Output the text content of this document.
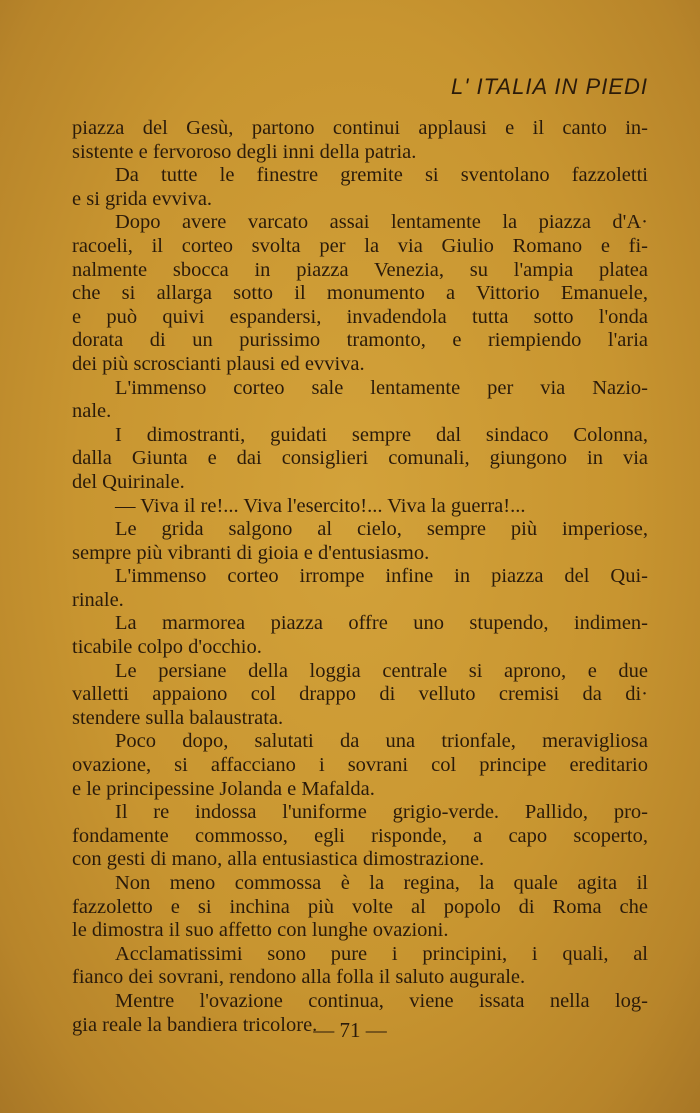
L' ITALIA IN PIEDI
piazza del Gesù, partono continui applausi e il canto in-
sistente e fervoroso degli inni della patria.
Da tutte le finestre gremite si sventolano fazzoletti
e si grida evviva.
Dopo avere varcato assai lentamente la piazza d'A·
racoeli, il corteo svolta per la via Giulio Romano e fi-
nalmente sbocca in piazza Venezia, su l'ampia platea
che si allarga sotto il monumento a Vittorio Emanuele,
e può quivi espandersi, invadendola tutta sotto l'onda
dorata di un purissimo tramonto, e riempiendo l'aria
dei più scroscianti plausi ed evviva.
L'immenso corteo sale lentamente per via Nazio-
nale.
I dimostranti, guidati sempre dal sindaco Colonna,
dalla Giunta e dai consiglieri comunali, giungono in via
del Quirinale.
— Viva il re!... Viva l'esercito!... Viva la guerra!...
Le grida salgono al cielo, sempre più imperiose,
sempre più vibranti di gioia e d'entusiasmo.
L'immenso corteo irrompe infine in piazza del Qui-
rinale.
La marmorea piazza offre uno stupendo, indimen-
ticabile colpo d'occhio.
Le persiane della loggia centrale si aprono, e due
valletti appaiono col drappo di velluto cremisi da di·
stendere sulla balaustrata.
Poco dopo, salutati da una trionfale, meravigliosa
ovazione, si affacciano i sovrani col principe ereditario
e le principessine Jolanda e Mafalda.
Il re indossa l'uniforme grigio-verde. Pallido, pro-
fondamente commosso, egli risponde, a capo scoperto,
con gesti di mano, alla entusiastica dimostrazione.
Non meno commossa è la regina, la quale agita il
fazzoletto e si inchina più volte al popolo di Roma che
le dimostra il suo affetto con lunghe ovazioni.
Acclamatissimi sono pure i principini, i quali, al
fianco dei sovrani, rendono alla folla il saluto augurale.
Mentre l'ovazione continua, viene issata nella log-
gia reale la bandiera tricolore.
— 71 —
